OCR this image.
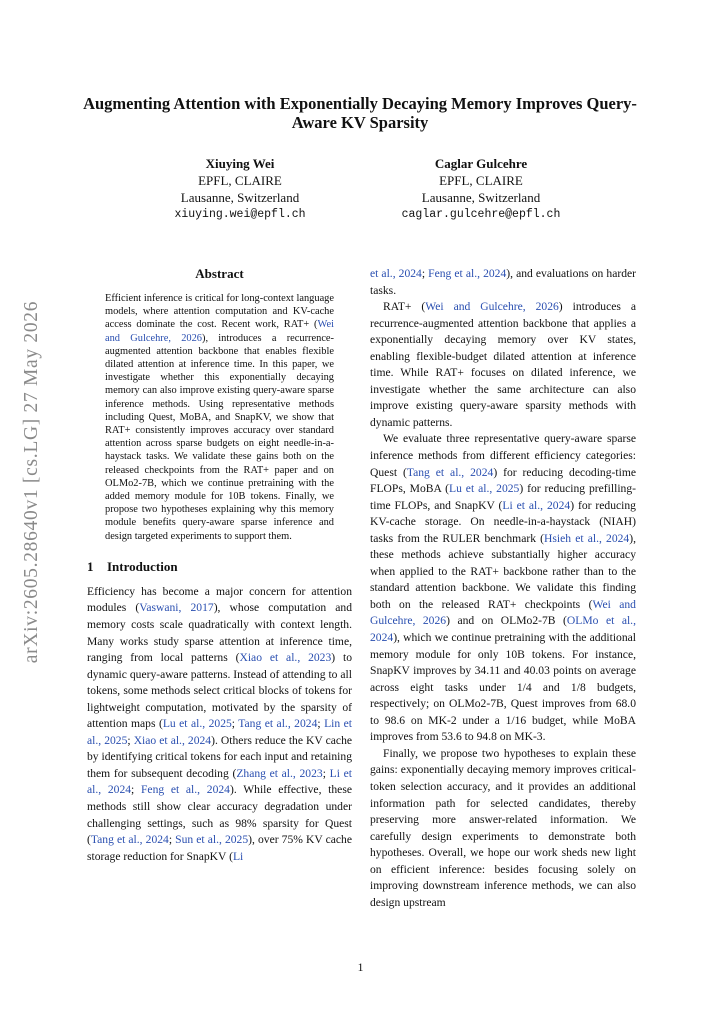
arXiv:2605.28640v1 [cs.LG] 27 May 2026
Augmenting Attention with Exponentially Decaying Memory Improves Query-Aware KV Sparsity
Xiuying Wei
EPFL, CLAIRE
Lausanne, Switzerland
xiuying.wei@epfl.ch
Caglar Gulcehre
EPFL, CLAIRE
Lausanne, Switzerland
caglar.gulcehre@epfl.ch
Abstract

Efficient inference is critical for long-context language models, where attention computation and KV-cache access dominate the cost. Recent work, RAT+ (Wei and Gulcehre, 2026), introduces a recurrence-augmented attention backbone that enables flexible dilated attention at inference time. In this paper, we investigate whether this exponentially decaying memory can also improve existing query-aware sparse inference methods. Using representative methods including Quest, MoBA, and SnapKV, we show that RAT+ consistently improves accuracy over standard attention across sparse budgets on eight needle-in-a-haystack tasks. We validate these gains both on the released checkpoints from the RAT+ paper and on OLMo2-7B, which we continue pretraining with the added memory module for 10B tokens. Finally, we propose two hypotheses explaining why this memory module benefits query-aware sparse inference and design targeted experiments to support them.

1 Introduction

Efficiency has become a major concern for attention modules (Vaswani, 2017), whose computation and memory costs scale quadratically with context length. Many works study sparse attention at inference time, ranging from local patterns (Xiao et al., 2023) to dynamic query-aware patterns. Instead of attending to all tokens, some methods select critical blocks of tokens for lightweight computation, motivated by the sparsity of attention maps (Lu et al., 2025; Tang et al., 2024; Lin et al., 2025; Xiao et al., 2024). Others reduce the KV cache by identifying critical tokens for each input and retaining them for subsequent decoding (Zhang et al., 2023; Li et al., 2024; Feng et al., 2024). While effective, these methods still show clear accuracy degradation under challenging settings, such as 98% sparsity for Quest (Tang et al., 2024; Sun et al., 2025), over 75% KV cache storage reduction for SnapKV (Li

et al., 2024; Feng et al., 2024), and evaluations on harder tasks.

RAT+ (Wei and Gulcehre, 2026) introduces a recurrence-augmented attention backbone that applies a exponentially decaying memory over KV states, enabling flexible-budget dilated attention at inference time. While RAT+ focuses on dilated inference, we investigate whether the same architecture can also improve existing query-aware sparsity methods with dynamic patterns.

We evaluate three representative query-aware sparse inference methods from different efficiency categories: Quest (Tang et al., 2024) for reducing decoding-time FLOPs, MoBA (Lu et al., 2025) for reducing prefilling-time FLOPs, and SnapKV (Li et al., 2024) for reducing KV-cache storage. On needle-in-a-haystack (NIAH) tasks from the RULER benchmark (Hsieh et al., 2024), these methods achieve substantially higher accuracy when applied to the RAT+ backbone rather than to the standard attention backbone. We validate this finding both on the released RAT+ checkpoints (Wei and Gulcehre, 2026) and on OLMo2-7B (OLMo et al., 2024), which we continue pretraining with the additional memory module for only 10B tokens. For instance, SnapKV improves by 34.11 and 40.03 points on average across eight tasks under 1/4 and 1/8 budgets, respectively; on OLMo2-7B, Quest improves from 68.0 to 98.6 on MK-2 under a 1/16 budget, while MoBA improves from 53.6 to 94.8 on MK-3.

Finally, we propose two hypotheses to explain these gains: exponentially decaying memory improves critical-token selection accuracy, and it provides an additional information path for selected candidates, thereby preserving more answer-related information. We carefully design experiments to demonstrate both hypotheses. Overall, we hope our work sheds new light on efficient inference: besides focusing solely on improving downstream inference methods, we can also design upstream

1
